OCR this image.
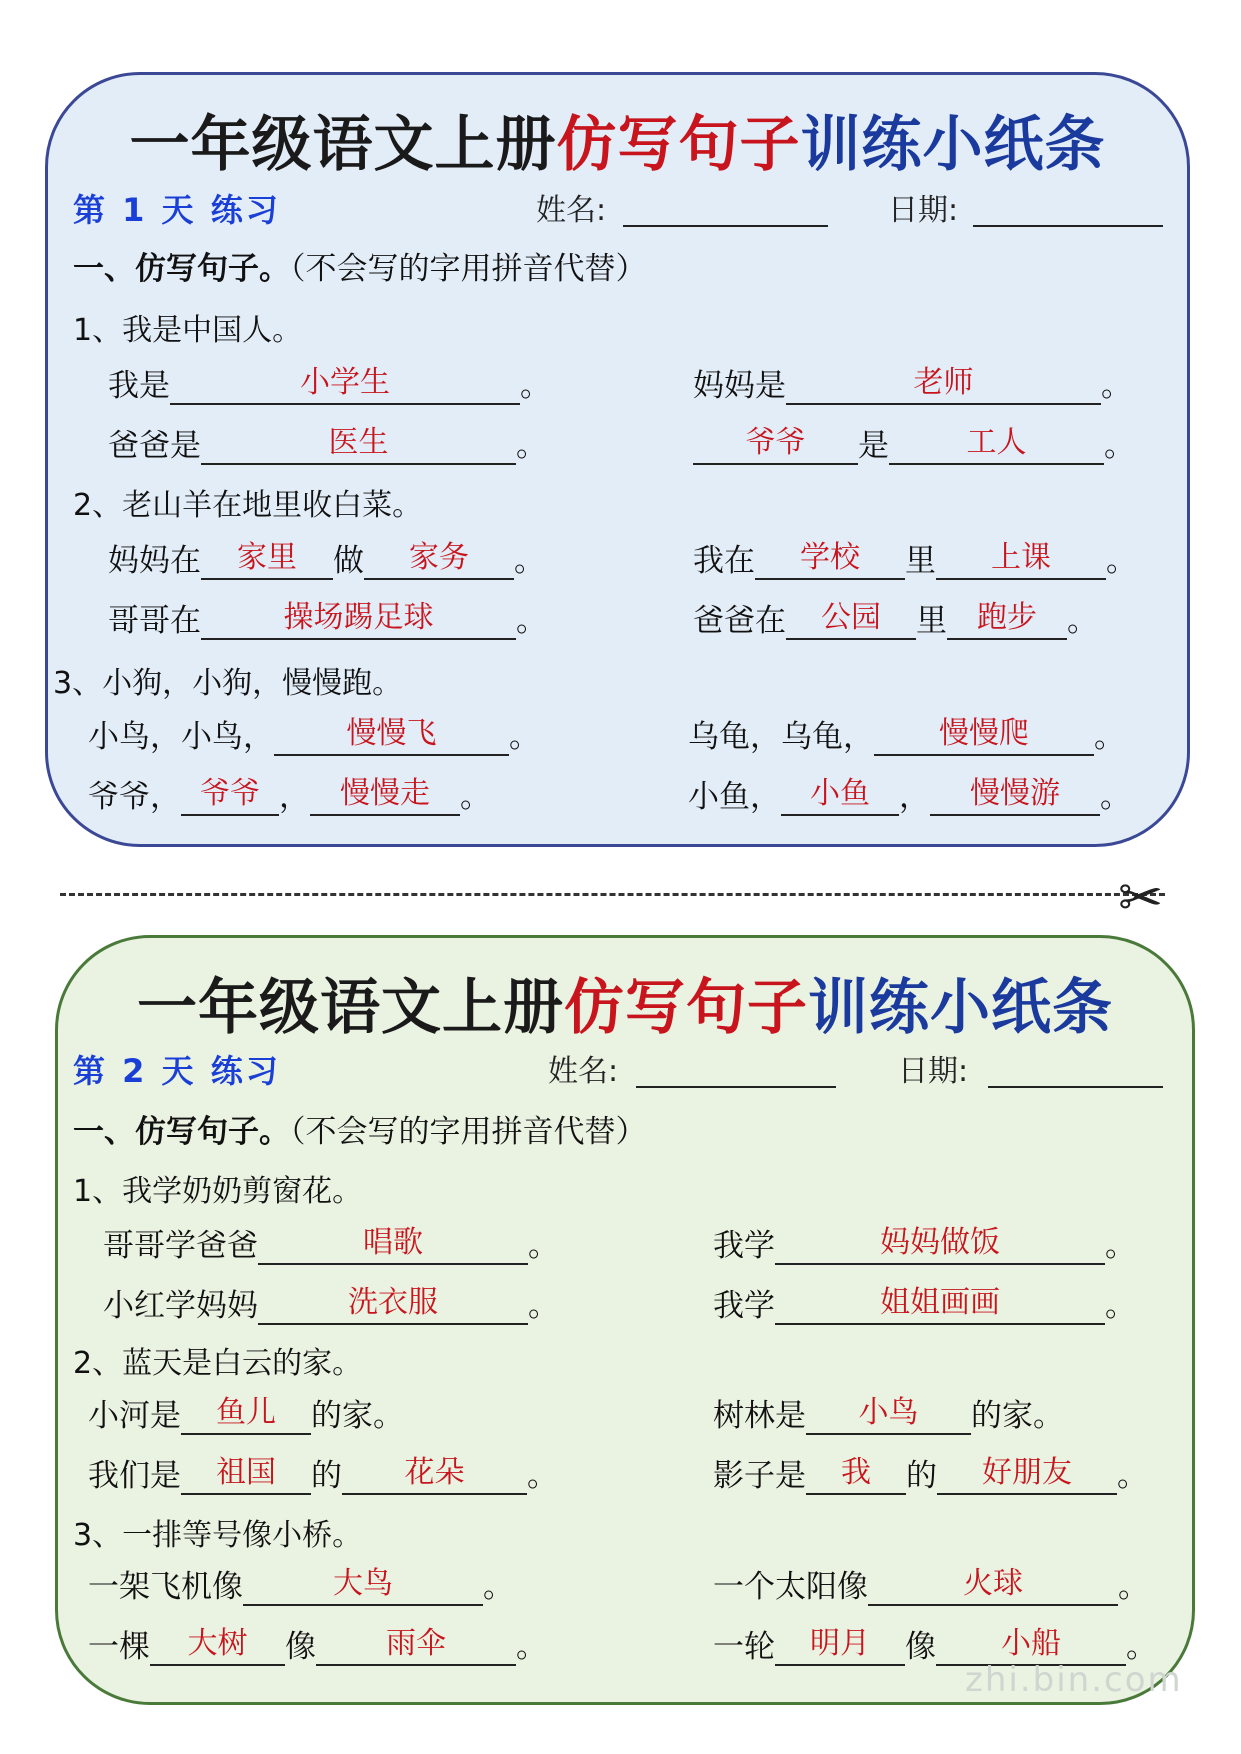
一年级语文上册仿写句子训练小纸条
第 1 天 练习	姓名:	日期:
一、仿写句子。（不会写的字用拼音代替）
1、我是中国人。
我是	小学生	。	妈妈是	老师	。
爸爸是	医生	。	爷爷	是	工人	。
2、老山羊在地里收白菜。
妈妈在	家里	做	家务	。	我在	学校	里	上课	。
哥哥在	操场踢足球	。	爸爸在	公园	里	跑步 。
3、小狗，小狗，慢慢跑。
小鸟，小鸟，	慢慢飞	。	乌龟，乌龟，	慢慢爬	。
爷爷， 爷爷 ，	慢慢走 。	小鱼， 小鱼 ，	慢慢游	。
✂
一年级语文上册仿写句子训练小纸条
第 2 天 练习	姓名:	日期:
一、仿写句子。（不会写的字用拼音代替）
1、我学奶奶剪窗花。
哥哥学爸爸	唱歌	。	我学	妈妈做饭	。
小红学妈妈	洗衣服	。	我学	姐姐画画	。
2、蓝天是白云的家。
小河是	鱼儿	的家。	树林是	小鸟	的家。
我们是	祖国	的	花朵	。	影子是	我	的	好朋友	。
3、一排等号像小桥。
一架飞机像	大鸟	。	一个太阳像	火球	。
一棵	大树	像	雨伞	。	一轮	明月	像	小船	。
zhi.bin.com
